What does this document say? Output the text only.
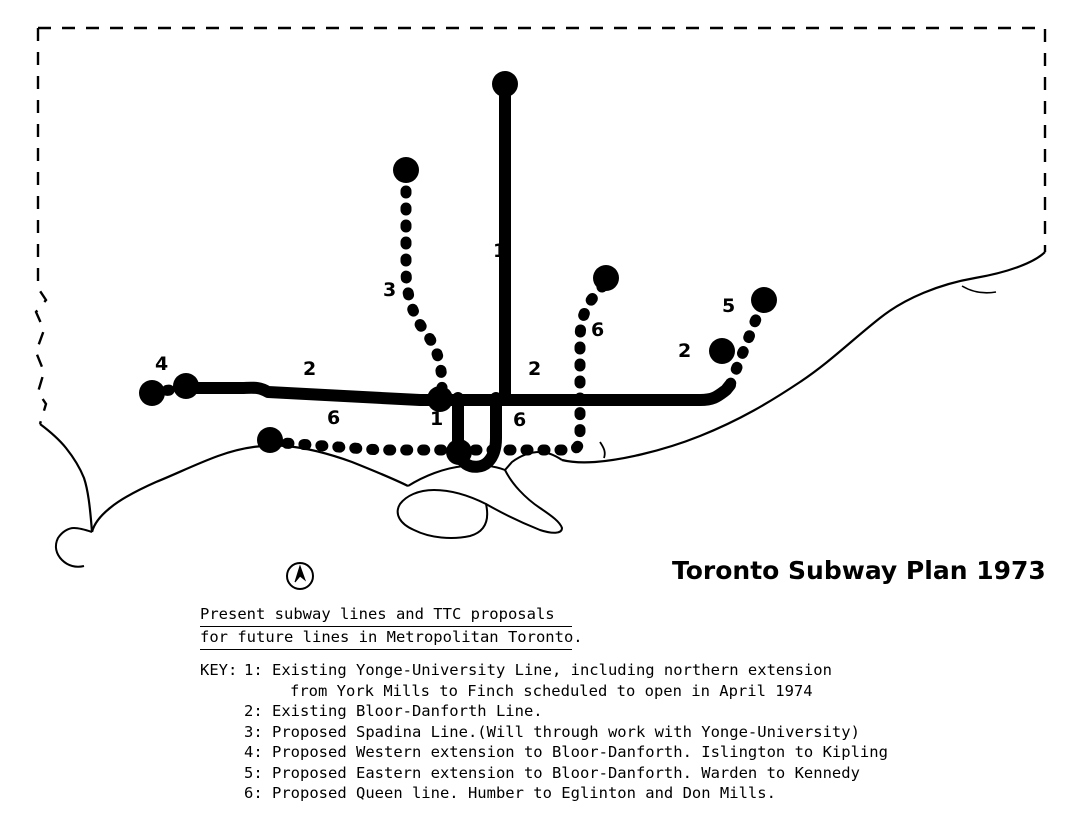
1
3
4	2	2
2
5
6
6	1	6
Toronto Subway Plan 1973
Present subway lines and TTC proposals
for future lines in Metropolitan Toronto.
KEY: 1: Existing Yonge-University Line, including northern extension
from York Mills to Finch scheduled to open in April 1974
2: Existing Bloor-Danforth Line.
3: Proposed Spadina Line.(Will through work with Yonge-University)
4: Proposed Western extension to Bloor-Danforth. Islington to Kipling
5: Proposed Eastern extension to Bloor-Danforth. Warden to Kennedy
6: Proposed Queen line. Humber to Eglinton and Don Mills.
